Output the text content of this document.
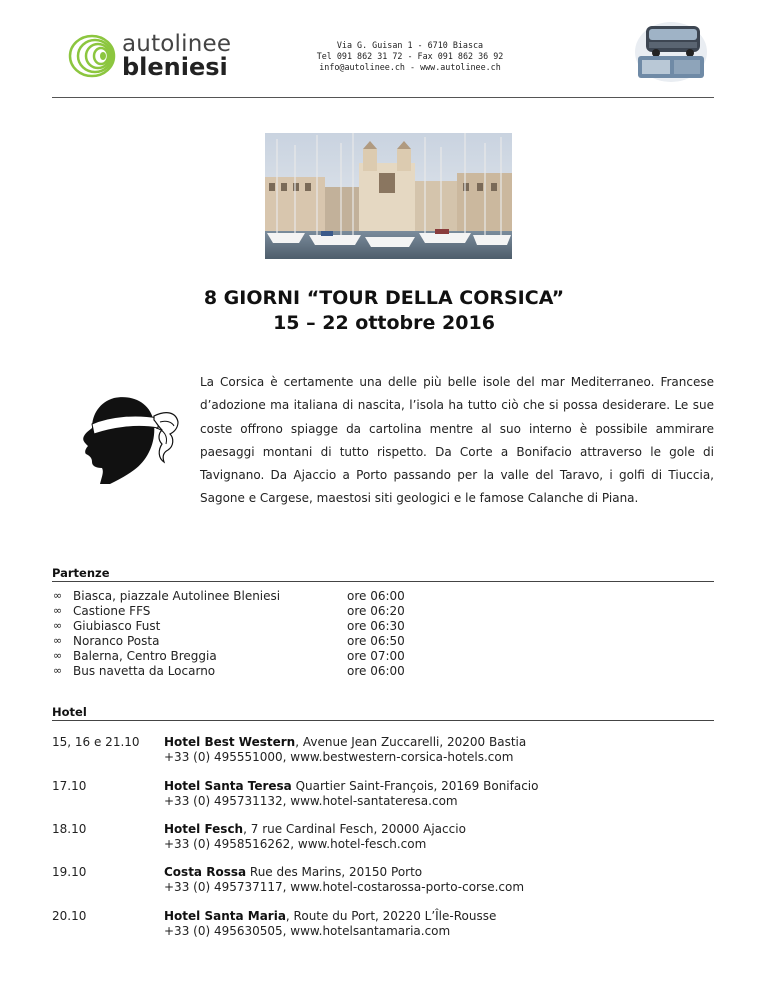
autolinee
bleniesi
Via G. Guisan 1 - 6710 Biasca
Tel 091 862 31 72 - Fax 091 862 36 92
info@autolinee.ch - www.autolinee.ch
8 GIORNI “TOUR DELLA CORSICA”
15 – 22 ottobre 2016
La Corsica è certamente una delle più belle isole del mar Mediterraneo. Francese
d’adozione ma italiana di nascita, l’isola ha tutto ciò che si possa desiderare. Le sue
coste offrono spiagge da cartolina mentre al suo interno è possibile ammirare
paesaggi montani di tutto rispetto. Da Corte a Bonifacio attraverso le gole di
Tavignano. Da Ajaccio a Porto passando per la valle del Taravo, i golfi di Tiuccia,
Sagone e Cargese, maestosi siti geologici e le famose Calanche di Piana.
Partenze
∞ Biasca, piazzale Autolinee Bleniesi	ore 06:00
∞ Castione FFS	ore 06:20
∞ Giubiasco Fust	ore 06:30
∞ Noranco Posta	ore 06:50
∞ Balerna, Centro Breggia	ore 07:00
∞ Bus navetta da Locarno	ore 06:00
Hotel
15, 16 e 21.10 Hotel Best Western, Avenue Jean Zuccarelli, 20200 Bastia
+33 (0) 495551000, www.bestwestern-corsica-hotels.com
17.10	Hotel Santa Teresa Quartier Saint-François, 20169 Bonifacio
+33 (0) 495731132, www.hotel-santateresa.com
18.10	Hotel Fesch, 7 rue Cardinal Fesch, 20000 Ajaccio
+33 (0) 4958516262, www.hotel-fesch.com
19.10	Costa Rossa Rue des Marins, 20150 Porto
+33 (0) 495737117, www.hotel-costarossa-porto-corse.com
20.10	Hotel Santa Maria, Route du Port, 20220 L’Île-Rousse
+33 (0) 495630505, www.hotelsantamaria.com
